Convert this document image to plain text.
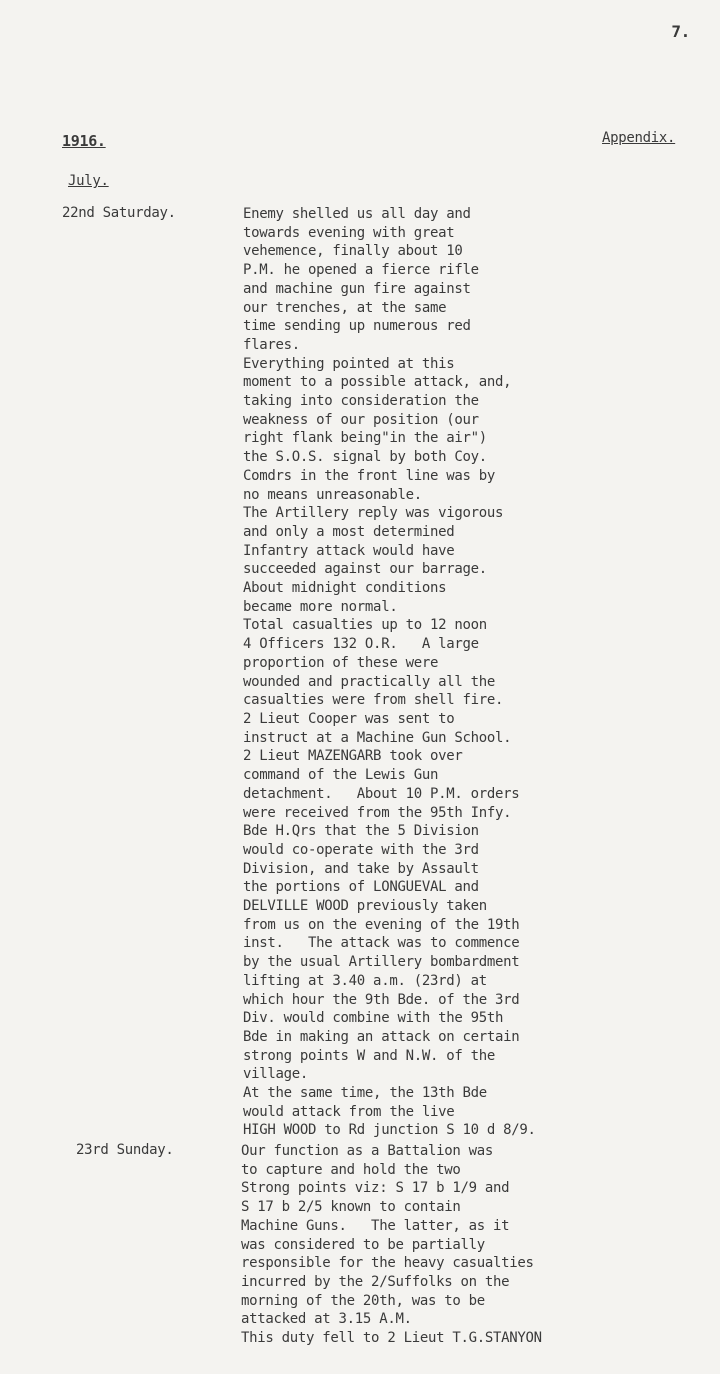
7.
1916.	Appendix.
July.
22nd Saturday.	Enemy shelled us all day and
towards evening with great
vehemence, finally about 10
P.M. he opened a fierce rifle
and machine gun fire against
our trenches, at the same
time sending up numerous red
flares.
Everything pointed at this
moment to a possible attack, and,
taking into consideration the
weakness of our position (our
right flank being"in the air")
the S.O.S. signal by both Coy.
Comdrs in the front line was by
no means unreasonable.
The Artillery reply was vigorous
and only a most determined
Infantry attack would have
succeeded against our barrage.
About midnight conditions
became more normal.
Total casualties up to 12 noon
4 Officers 132 O.R.   A large
proportion of these were
wounded and practically all the
casualties were from shell fire.
2 Lieut Cooper was sent to
instruct at a Machine Gun School.
2 Lieut MAZENGARB took over
command of the Lewis Gun
detachment.   About 10 P.M. orders
were received from the 95th Infy.
Bde H.Qrs that the 5 Division
would co-operate with the 3rd
Division, and take by Assault
the portions of LONGUEVAL and
DELVILLE WOOD previously taken
from us on the evening of the 19th
inst.   The attack was to commence
by the usual Artillery bombardment
lifting at 3.40 a.m. (23rd) at
which hour the 9th Bde. of the 3rd
Div. would combine with the 95th
Bde in making an attack on certain
strong points W and N.W. of the
village.
At the same time, the 13th Bde
would attack from the live
HIGH WOOD to Rd junction S 10 d 8/9.
23rd Sunday.	Our function as a Battalion was
to capture and hold the two
Strong points viz: S 17 b 1/9 and
S 17 b 2/5 known to contain
Machine Guns.   The latter, as it
was considered to be partially
responsible for the heavy casualties
incurred by the 2/Suffolks on the
morning of the 20th, was to be
attacked at 3.15 A.M.
This duty fell to 2 Lieut T.G.STANYON
